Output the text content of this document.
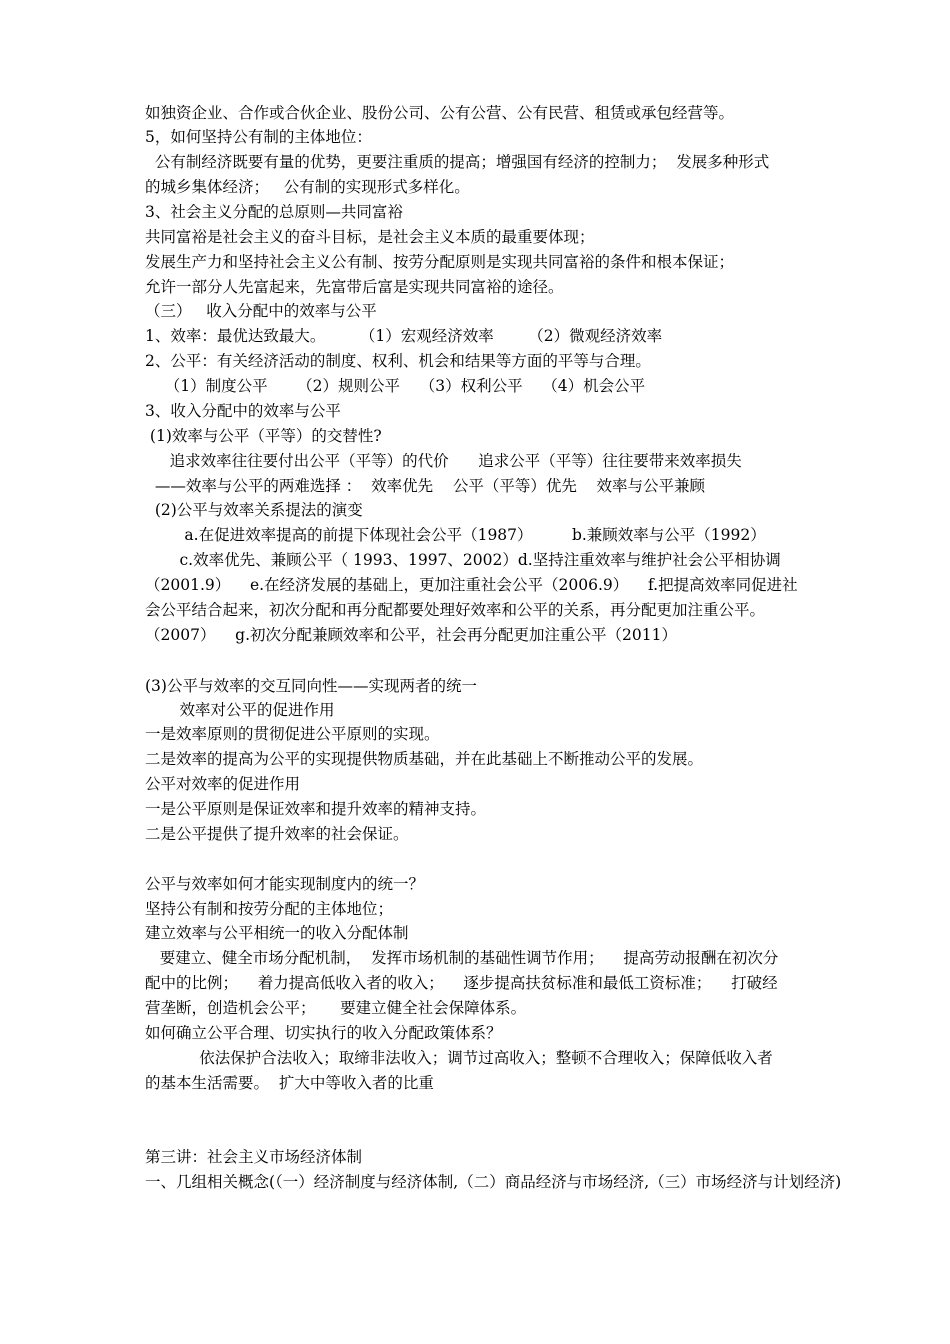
如独资企业、合作或合伙企业、股份公司、公有公营、公有民营、租赁或承包经营等。
5，如何坚持公有制的主体地位：
公有制经济既要有量的优势，更要注重质的提高；增强国有经济的控制力；  发展多种形式
的城乡集体经济；   公有制的实现形式多样化。
3、社会主义分配的总原则—共同富裕
共同富裕是社会主义的奋斗目标，是社会主义本质的最重要体现；
发展生产力和坚持社会主义公有制、按劳分配原则是实现共同富裕的条件和根本保证；
允许一部分人先富起来，先富带后富是实现共同富裕的途径。
（三）   收入分配中的效率与公平
1、效率：最优达致最大。       （1）宏观经济效率       （2）微观经济效率
2、公平：有关经济活动的制度、权利、机会和结果等方面的平等与合理。
（1）制度公平      （2）规则公平    （3）权利公平    （4）机会公平
3、收入分配中的效率与公平
(1)效率与公平（平等）的交替性?
追求效率往往要付出公平（平等）的代价      追求公平（平等）往往要带来效率损失
——效率与公平的两难选择 ：  效率优先    公平（平等）优先    效率与公平兼顾
(2)公平与效率关系提法的演变
a.在促进效率提高的前提下体现社会公平（1987）        b.兼顾效率与公平（1992）
c.效率优先、兼顾公平（ 1993、1997、2002）d.坚持注重效率与维护社会公平相协调
（2001.9）    e.在经济发展的基础上，更加注重社会公平（2006.9）    f.把提高效率同促进社
会公平结合起来，初次分配和再分配都要处理好效率和公平的关系，再分配更加注重公平。
（2007）    g.初次分配兼顾效率和公平，社会再分配更加注重公平（2011）
(3)公平与效率的交互同向性——实现两者的统一
效率对公平的促进作用
一是效率原则的贯彻促进公平原则的实现。
二是效率的提高为公平的实现提供物质基础，并在此基础上不断推动公平的发展。
公平对效率的促进作用
一是公平原则是保证效率和提升效率的精神支持。
二是公平提供了提升效率的社会保证。
公平与效率如何才能实现制度内的统一？
坚持公有制和按劳分配的主体地位；
建立效率与公平相统一的收入分配体制
要建立、健全市场分配机制，  发挥市场机制的基础性调节作用；    提高劳动报酬在初次分
配中的比例；    着力提高低收入者的收入；    逐步提高扶贫标准和最低工资标准；    打破经
营垄断，创造机会公平；     要建立健全社会保障体系。
如何确立公平合理、切实执行的收入分配政策体系？
依法保护合法收入；取缔非法收入；调节过高收入；整顿不合理收入；保障低收入者
的基本生活需要。  扩大中等收入者的比重
第三讲：社会主义市场经济体制
一、几组相关概念(（一）经济制度与经济体制,（二）商品经济与市场经济,（三）市场经济与计划经济)
